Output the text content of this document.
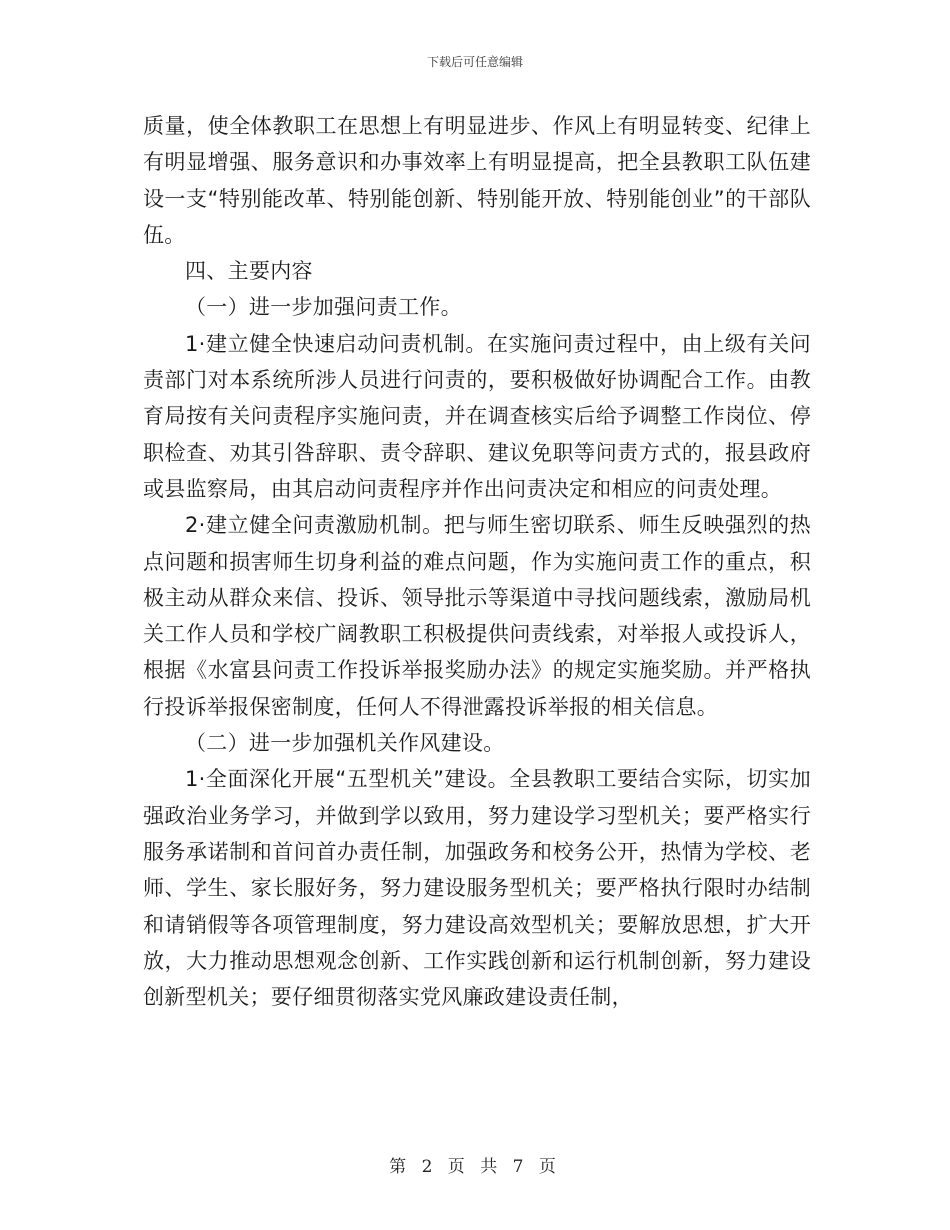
下载后可任意编辑

质量，使全体教职工在思想上有明显进步、作风上有明显转变、纪律上有明显增强、服务意识和办事效率上有明显提高，把全县教职工队伍建设一支“特别能改革、特别能创新、特别能开放、特别能创业”的干部队伍。

四、主要内容

（一）进一步加强问责工作。

1·建立健全快速启动问责机制。在实施问责过程中，由上级有关问责部门对本系统所涉人员进行问责的，要积极做好协调配合工作。由教育局按有关问责程序实施问责，并在调查核实后给予调整工作岗位、停职检查、劝其引咎辞职、责令辞职、建议免职等问责方式的，报县政府或县监察局，由其启动问责程序并作出问责决定和相应的问责处理。

2·建立健全问责激励机制。把与师生密切联系、师生反映强烈的热点问题和损害师生切身利益的难点问题，作为实施问责工作的重点，积极主动从群众来信、投诉、领导批示等渠道中寻找问题线索，激励局机关工作人员和学校广阔教职工积极提供问责线索，对举报人或投诉人，根据《水富县问责工作投诉举报奖励办法》的规定实施奖励。并严格执行投诉举报保密制度，任何人不得泄露投诉举报的相关信息。

（二）进一步加强机关作风建设。

1·全面深化开展“五型机关”建设。全县教职工要结合实际，切实加强政治业务学习，并做到学以致用，努力建设学习型机关；要严格实行服务承诺制和首问首办责任制，加强政务和校务公开，热情为学校、老师、学生、家长服好务，努力建设服务型机关；要严格执行限时办结制和请销假等各项管理制度，努力建设高效型机关；要解放思想，扩大开放，大力推动思想观念创新、工作实践创新和运行机制创新，努力建设创新型机关；要仔细贯彻落实党风廉政建设责任制，

第 2 页 共 7 页
